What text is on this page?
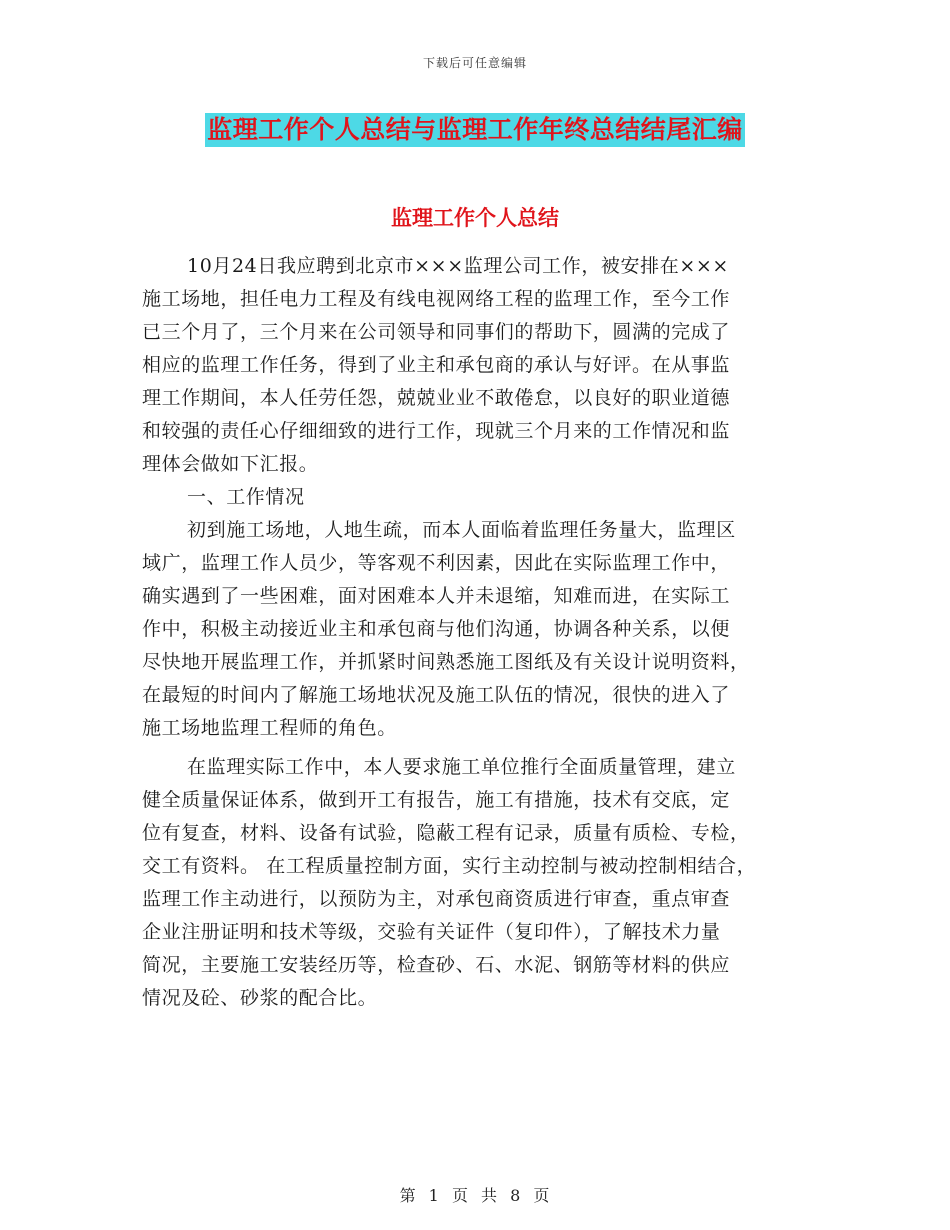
下载后可任意编辑
监理工作个人总结与监理工作年终总结结尾汇编
监理工作个人总结
10月24日我应聘到北京市×××监理公司工作，被安排在×××
施工场地，担任电力工程及有线电视网络工程的监理工作，至今工作
已三个月了，三个月来在公司领导和同事们的帮助下，圆满的完成了
相应的监理工作任务，得到了业主和承包商的承认与好评。在从事监
理工作期间，本人任劳任怨，兢兢业业不敢倦怠，以良好的职业道德
和较强的责任心仔细细致的进行工作，现就三个月来的工作情况和监
理体会做如下汇报。
一、工作情况
初到施工场地，人地生疏，而本人面临着监理任务量大，监理区
域广，监理工作人员少，等客观不利因素，因此在实际监理工作中，
确实遇到了一些困难，面对困难本人并未退缩，知难而进，在实际工
作中，积极主动接近业主和承包商与他们沟通，协调各种关系，以便
尽快地开展监理工作，并抓紧时间熟悉施工图纸及有关设计说明资料，
在最短的时间内了解施工场地状况及施工队伍的情况，很快的进入了
施工场地监理工程师的角色。
在监理实际工作中，本人要求施工单位推行全面质量管理，建立
健全质量保证体系，做到开工有报告，施工有措施，技术有交底，定
位有复查，材料、设备有试验，隐蔽工程有记录，质量有质检、专检，
交工有资料。 在工程质量控制方面，实行主动控制与被动控制相结合，
监理工作主动进行，以预防为主，对承包商资质进行审查，重点审查
企业注册证明和技术等级，交验有关证件（复印件），了解技术力量
简况，主要施工安装经历等，检查砂、石、水泥、钢筋等材料的供应
情况及砼、砂浆的配合比。
第 1 页 共 8 页
